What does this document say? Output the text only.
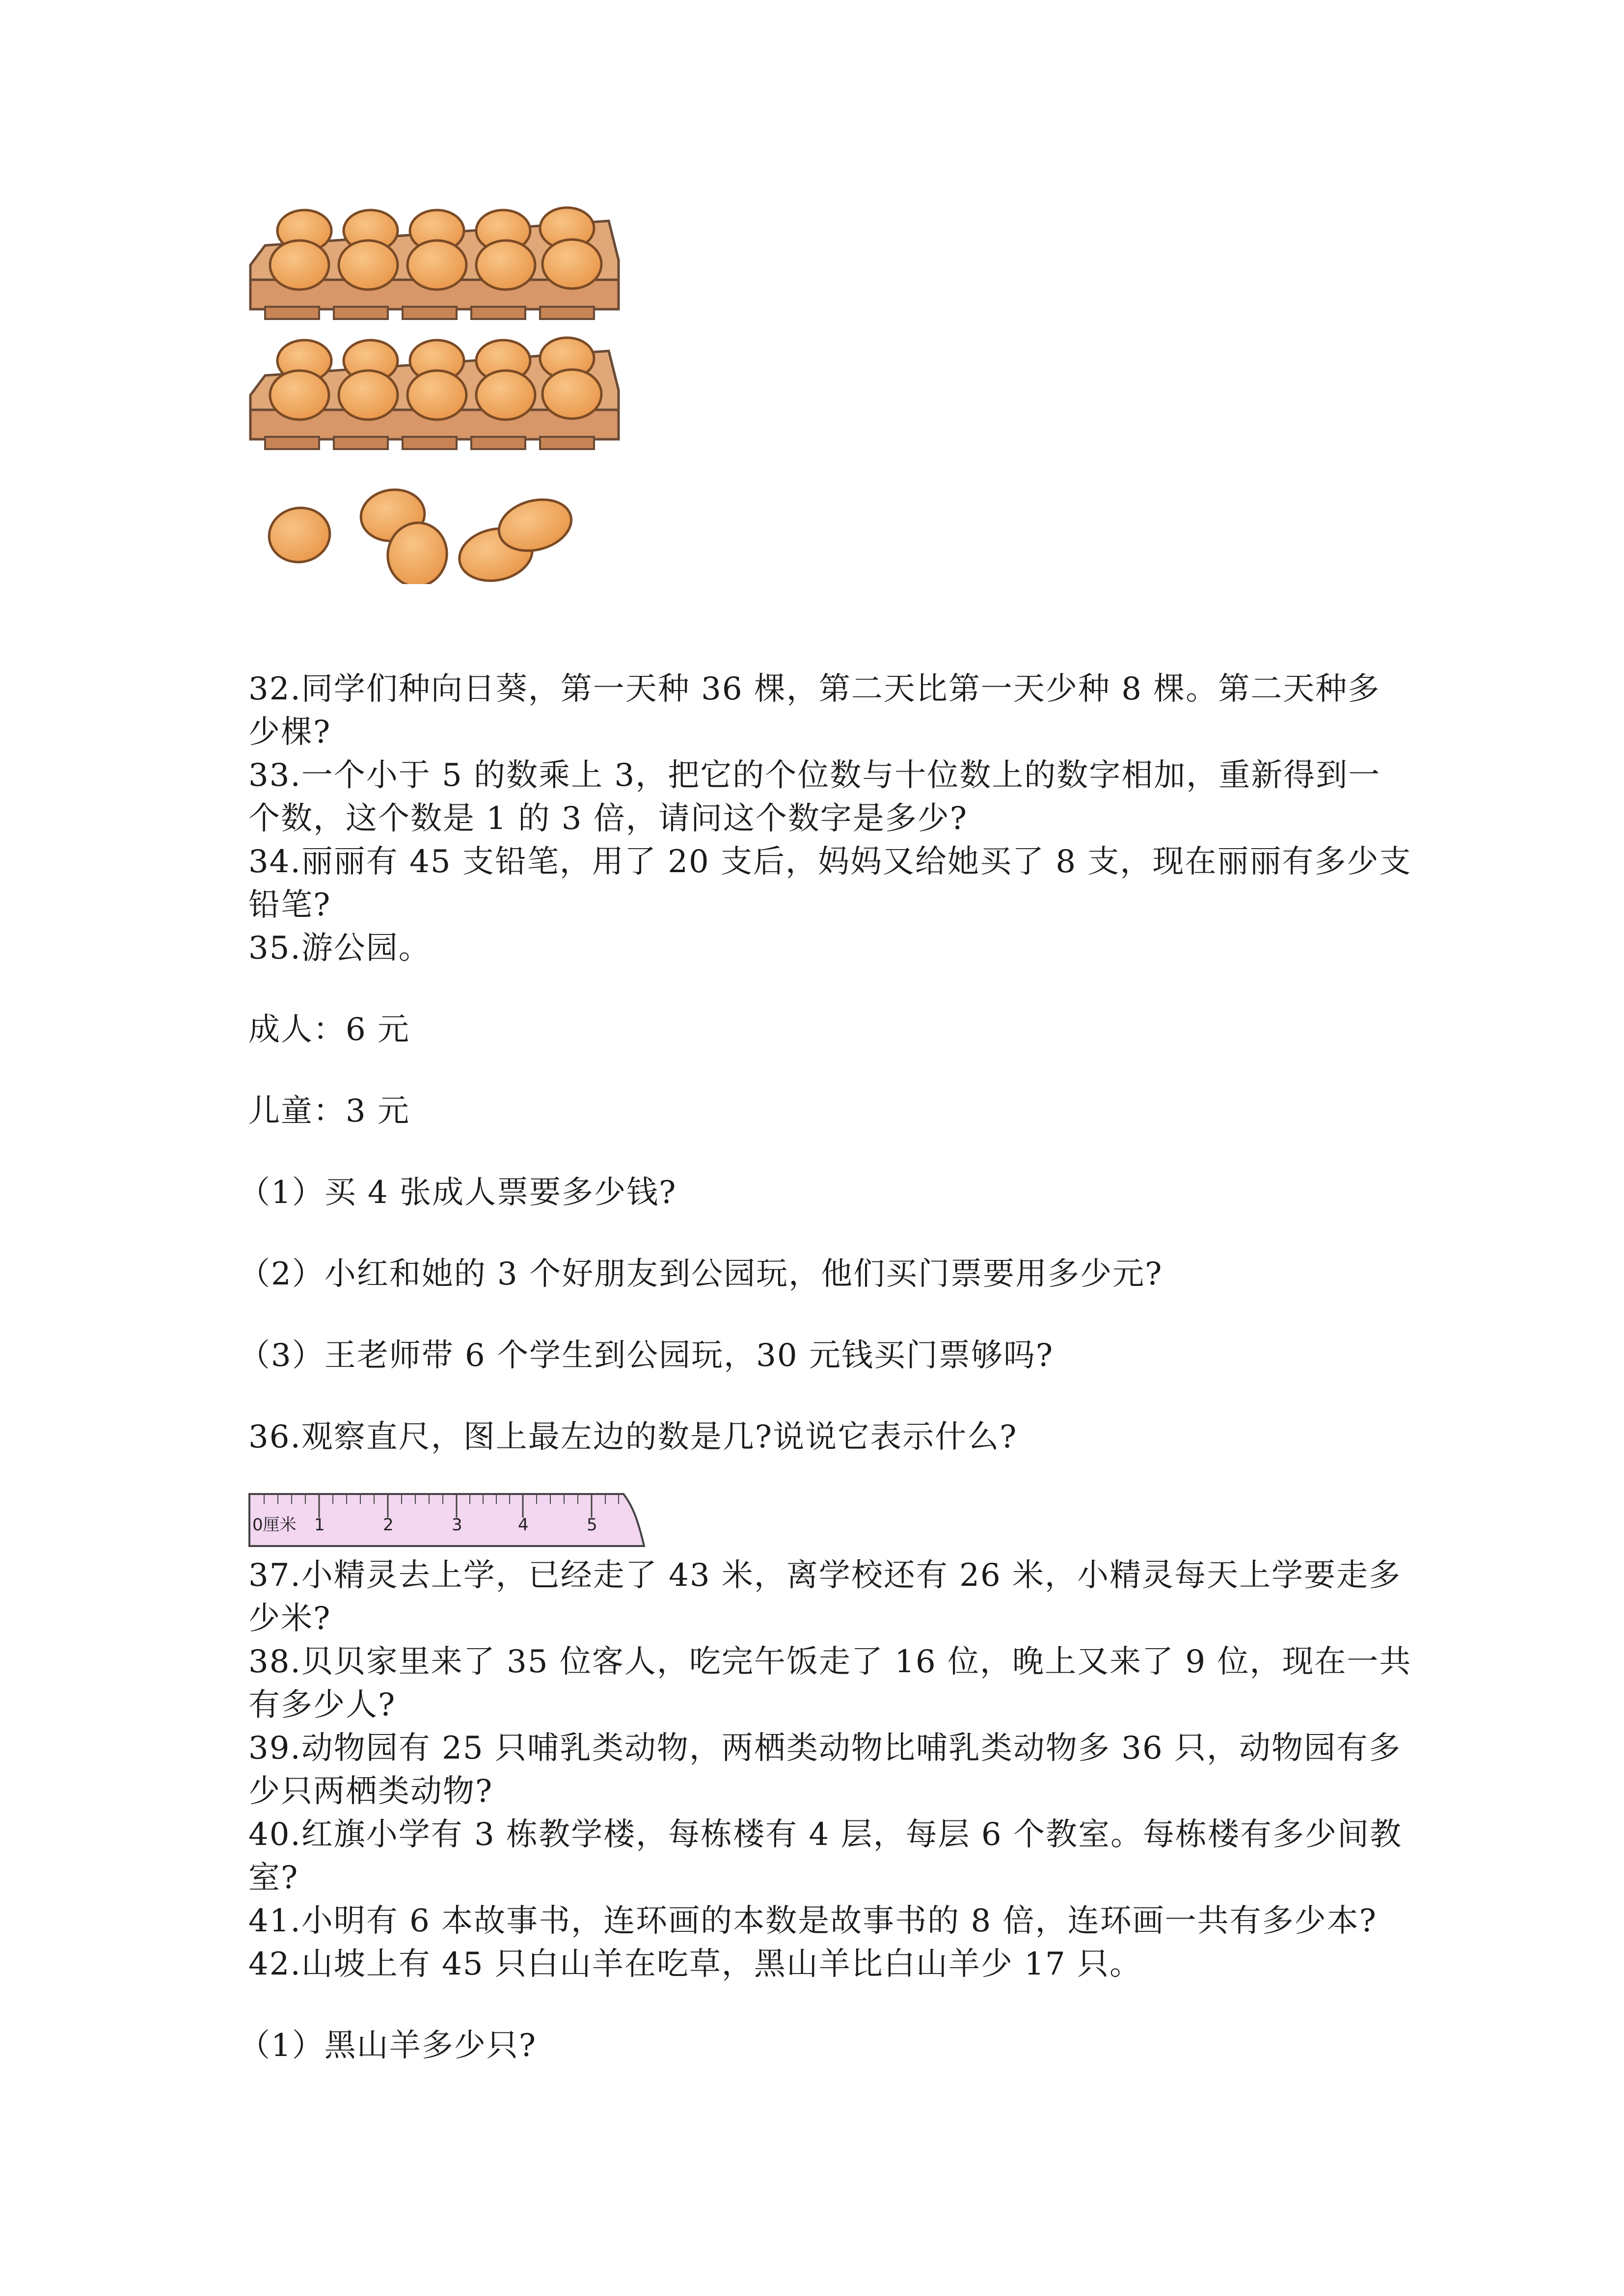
32.同学们种向日葵，第一天种 36 棵，第二天比第一天少种 8 棵。第二天种多
少棵?
33.一个小于 5 的数乘上 3，把它的个位数与十位数上的数字相加，重新得到一
个数，这个数是 1 的 3 倍，请问这个数字是多少?
34.丽丽有 45 支铅笔，用了 20 支后，妈妈又给她买了 8 支，现在丽丽有多少支
铅笔?
35.游公园。
成人：6 元
儿童：3 元
（1）买 4 张成人票要多少钱?
（2）小红和她的 3 个好朋友到公园玩，他们买门票要用多少元?
（3）王老师带 6 个学生到公园玩，30 元钱买门票够吗?
36.观察直尺，图上最左边的数是几?说说它表示什么?
0厘米 1	2	3	4	5
37.小精灵去上学，已经走了 43 米，离学校还有 26 米，小精灵每天上学要走多
少米?
38.贝贝家里来了 35 位客人，吃完午饭走了 16 位，晚上又来了 9 位，现在一共
有多少人?
39.动物园有 25 只哺乳类动物，两栖类动物比哺乳类动物多 36 只，动物园有多
少只两栖类动物?
40.红旗小学有 3 栋教学楼，每栋楼有 4 层，每层 6 个教室。每栋楼有多少间教
室?
41.小明有 6 本故事书，连环画的本数是故事书的 8 倍，连环画一共有多少本?
42.山坡上有 45 只白山羊在吃草，黑山羊比白山羊少 17 只。
（1）黑山羊多少只?
